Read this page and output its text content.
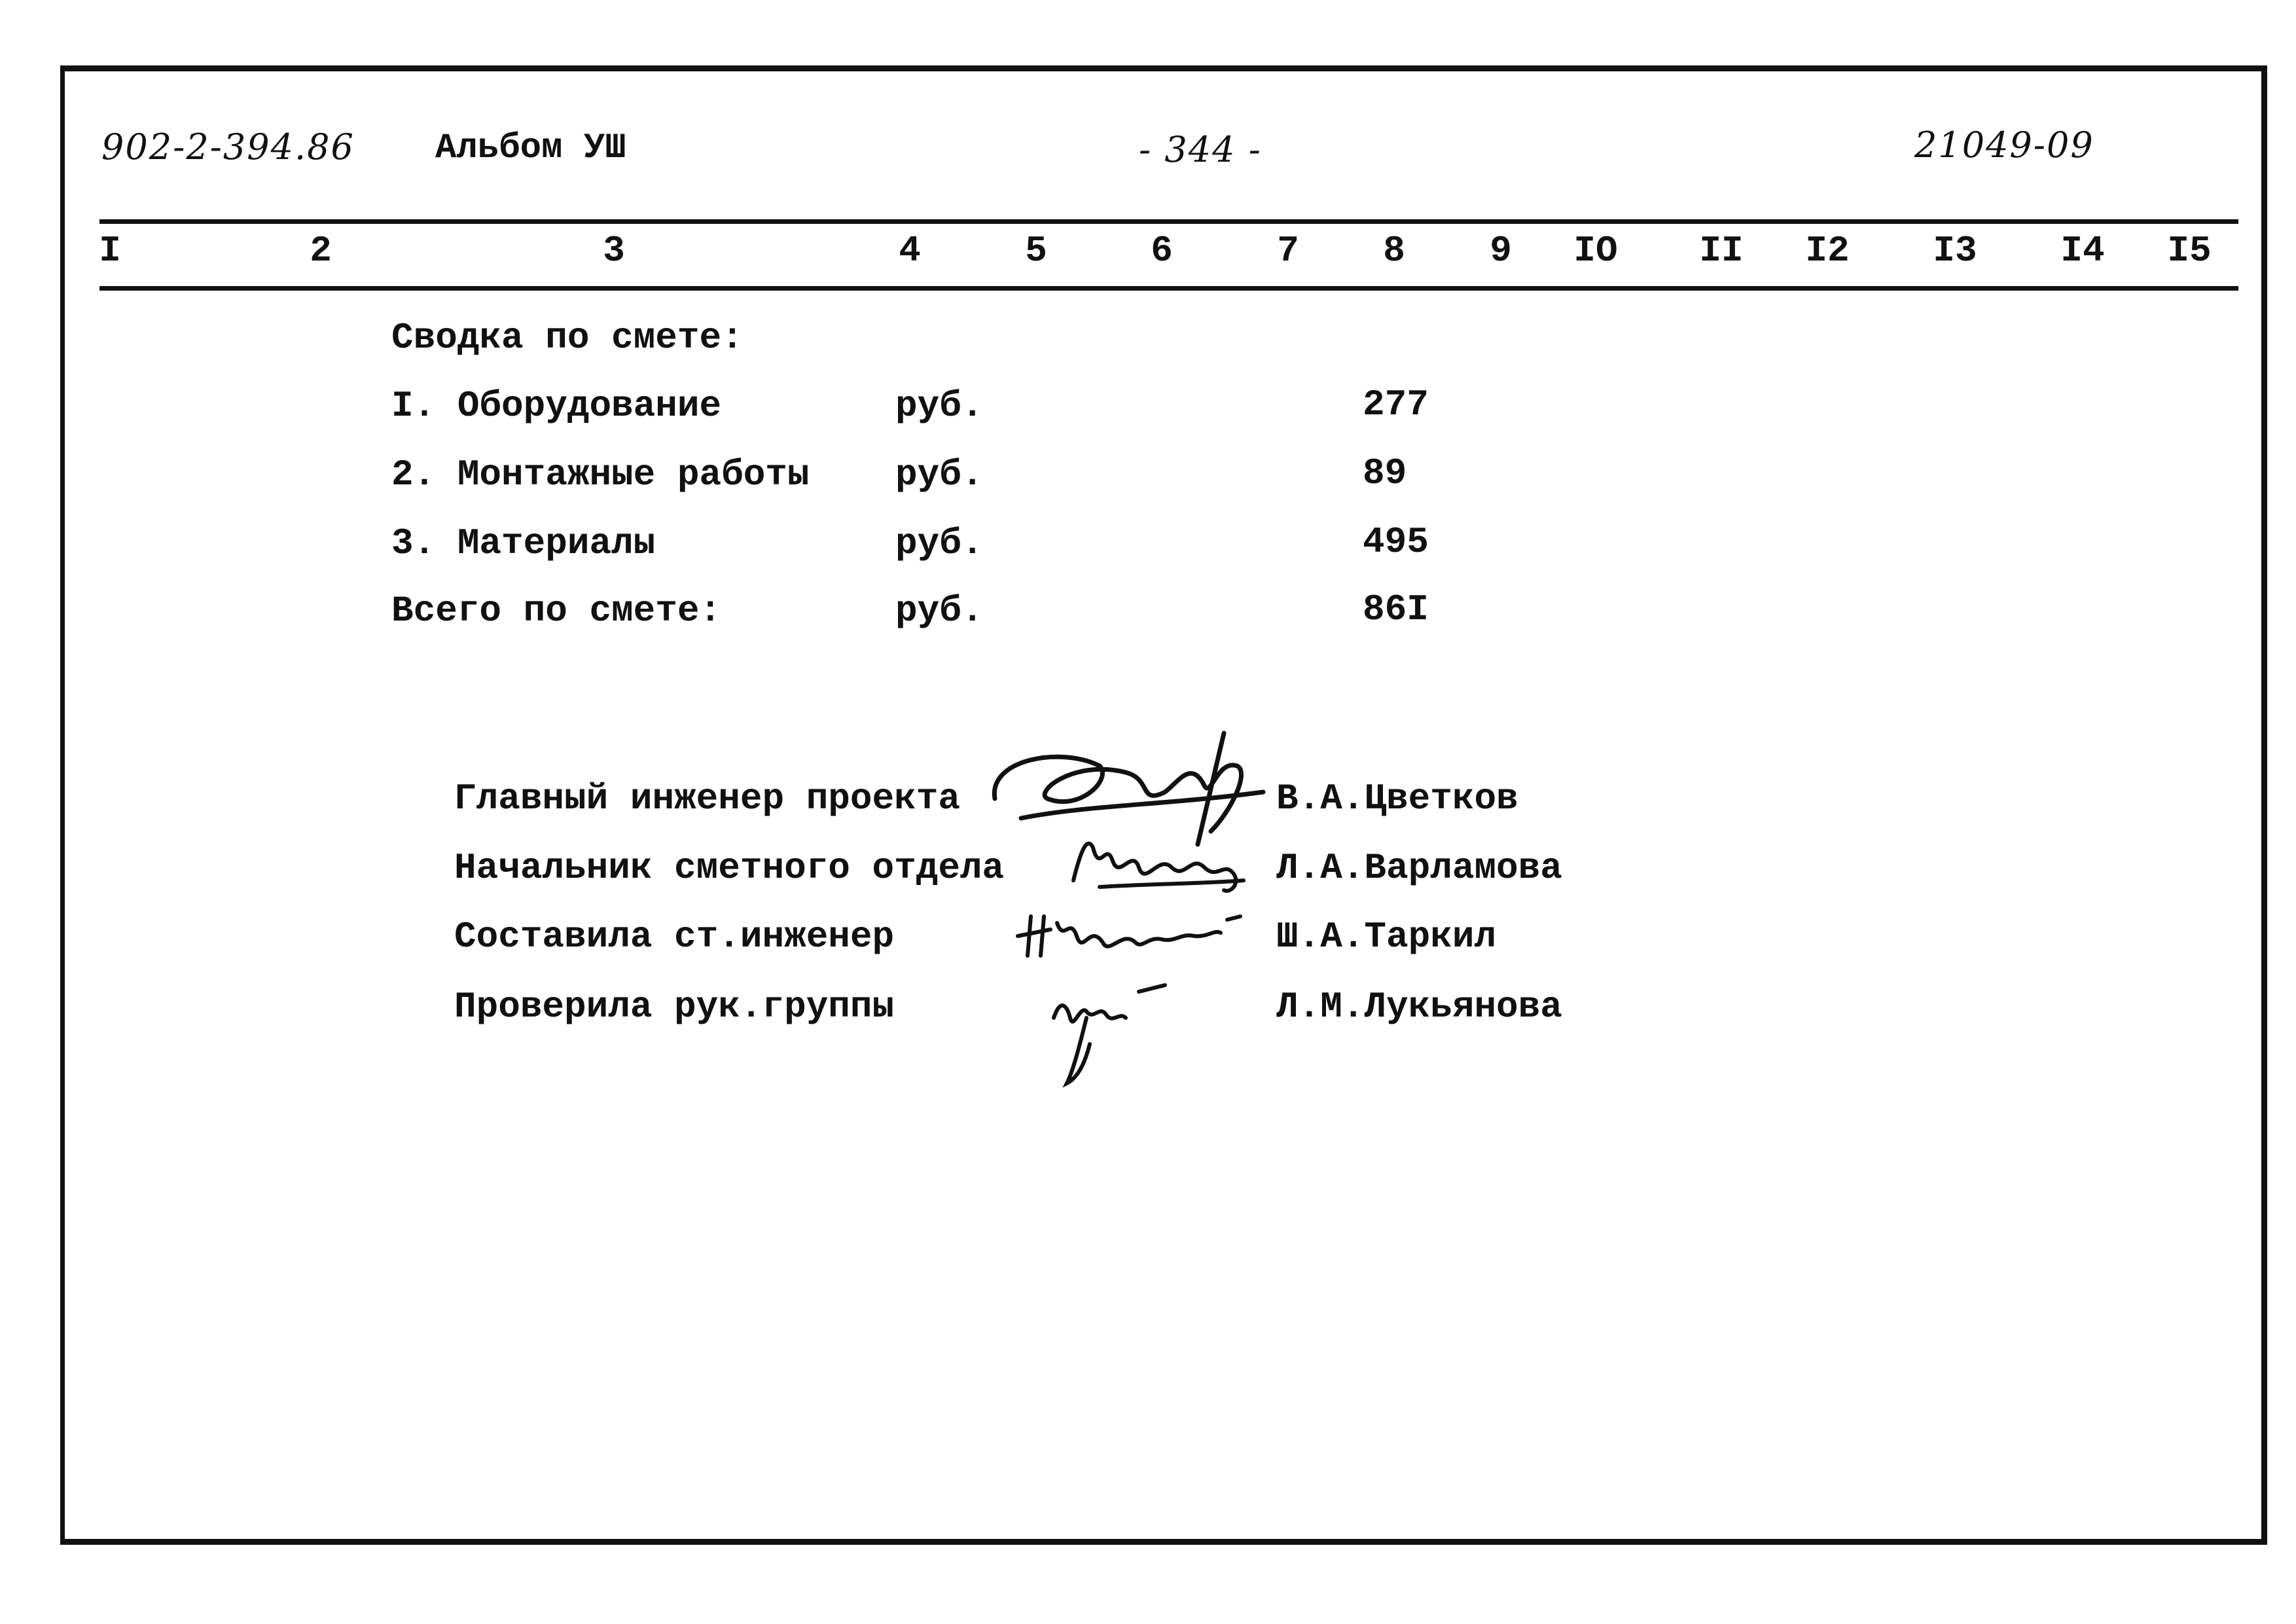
902-2-394.86 Альбом УШ	- 344 -	21049-09
I	2	3	4	5	6	7 8 9 IO II I2 I3 I4 I5
Сводка по смете:
I. Оборудование	руб.	277
2. Монтажные работы руб.	89
3. Материалы	руб.	495
Всего по смете:	руб.	86I
Главный инженер проекта	В.А.Цветков
Начальник сметного отдела	Л.А.Варламова
Составила ст.инженер	Ш.А.Таркил
Проверила рук.группы	Л.М.Лукьянова
